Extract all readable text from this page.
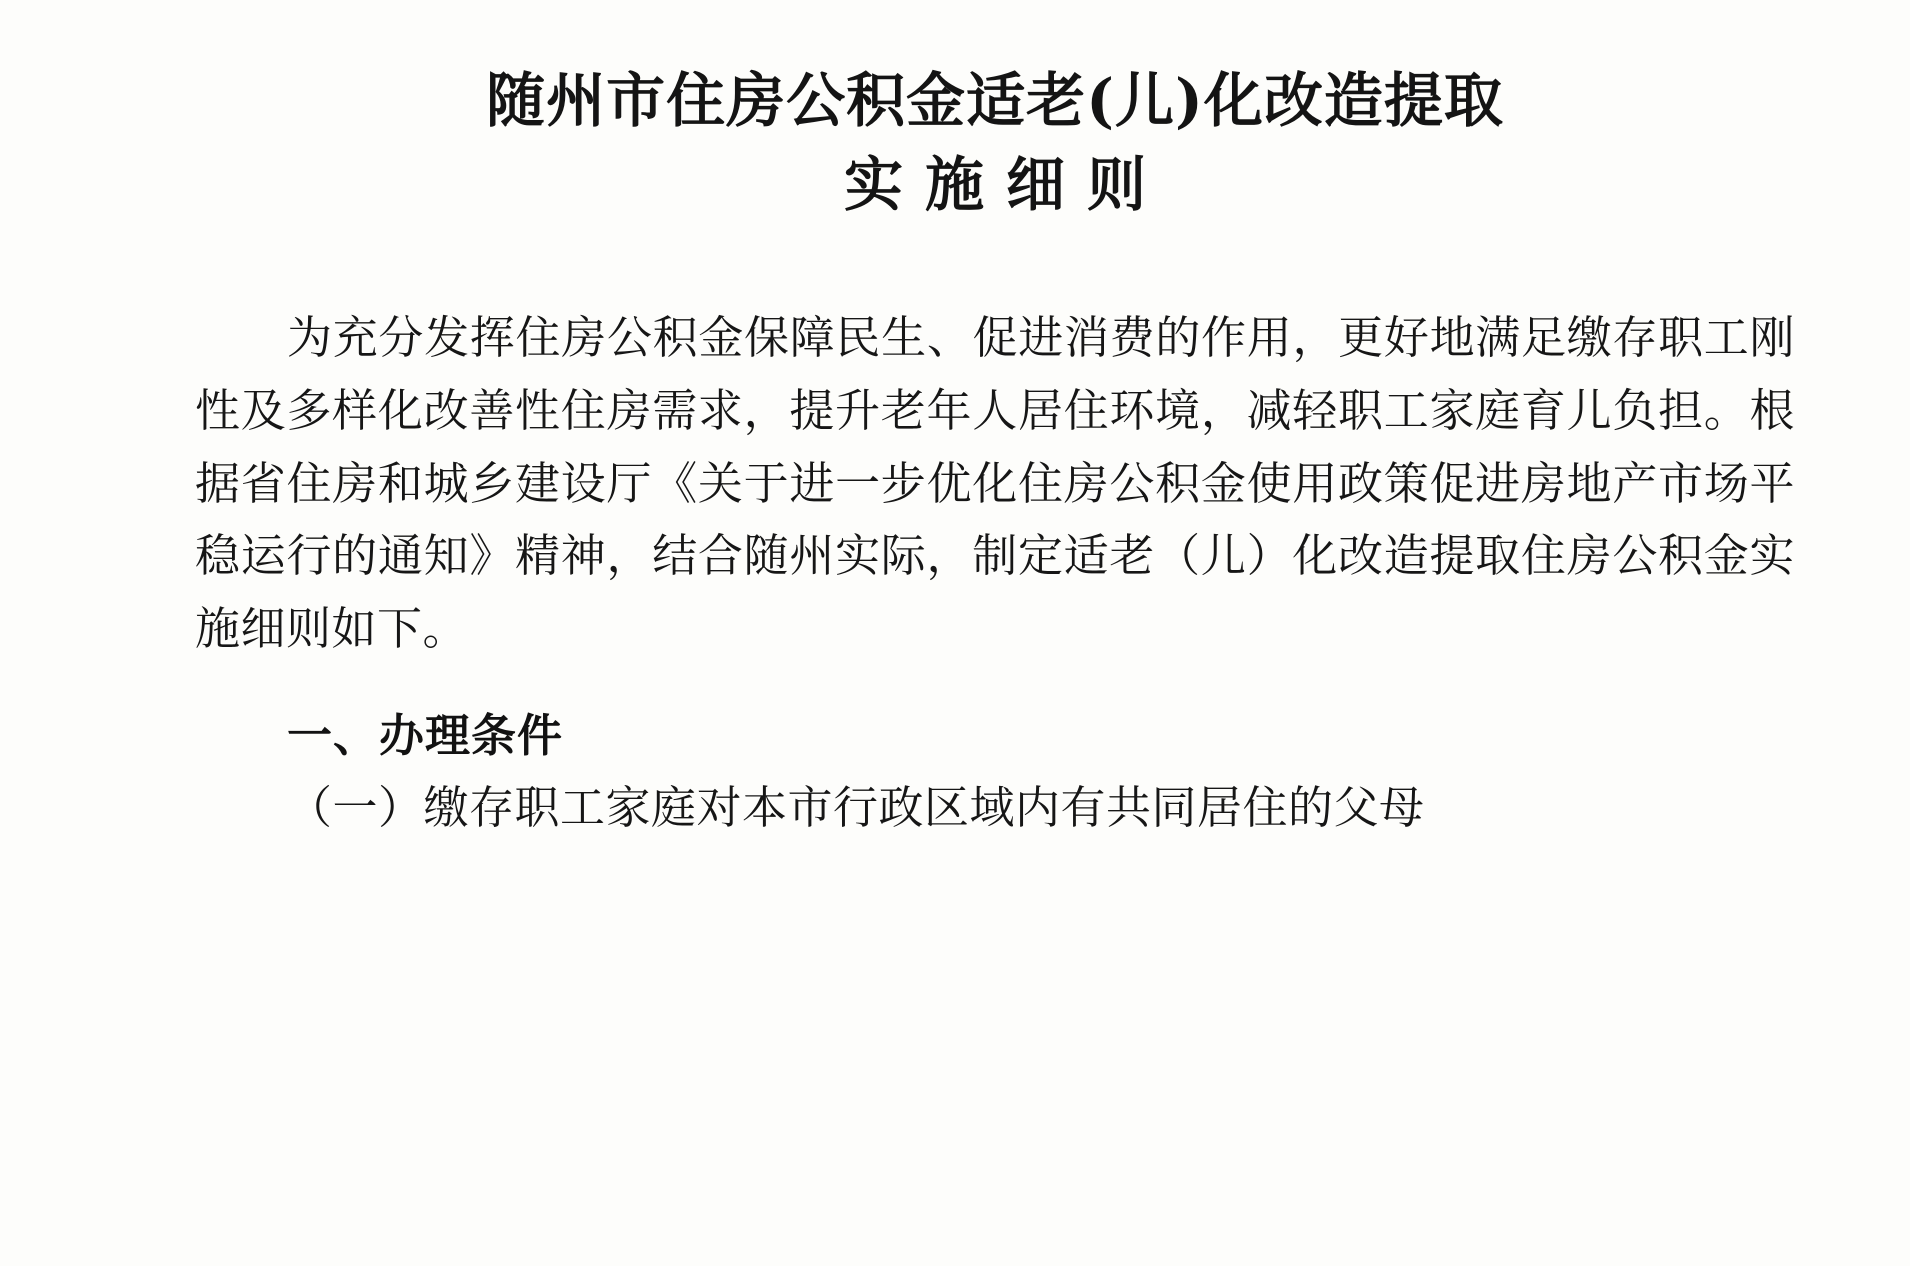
随州市住房公积金适老(儿)化改造提取
实施细则
为充分发挥住房公积金保障民生、促进消费的作用，更好地满足缴存职工刚性及多样化改善性住房需求，提升老年人居住环境，减轻职工家庭育儿负担。根据省住房和城乡建设厅《关于进一步优化住房公积金使用政策促进房地产市场平稳运行的通知》精神，结合随州实际，制定适老（儿）化改造提取住房公积金实施细则如下。
一、办理条件
（一）缴存职工家庭对本市行政区域内有共同居住的父母
